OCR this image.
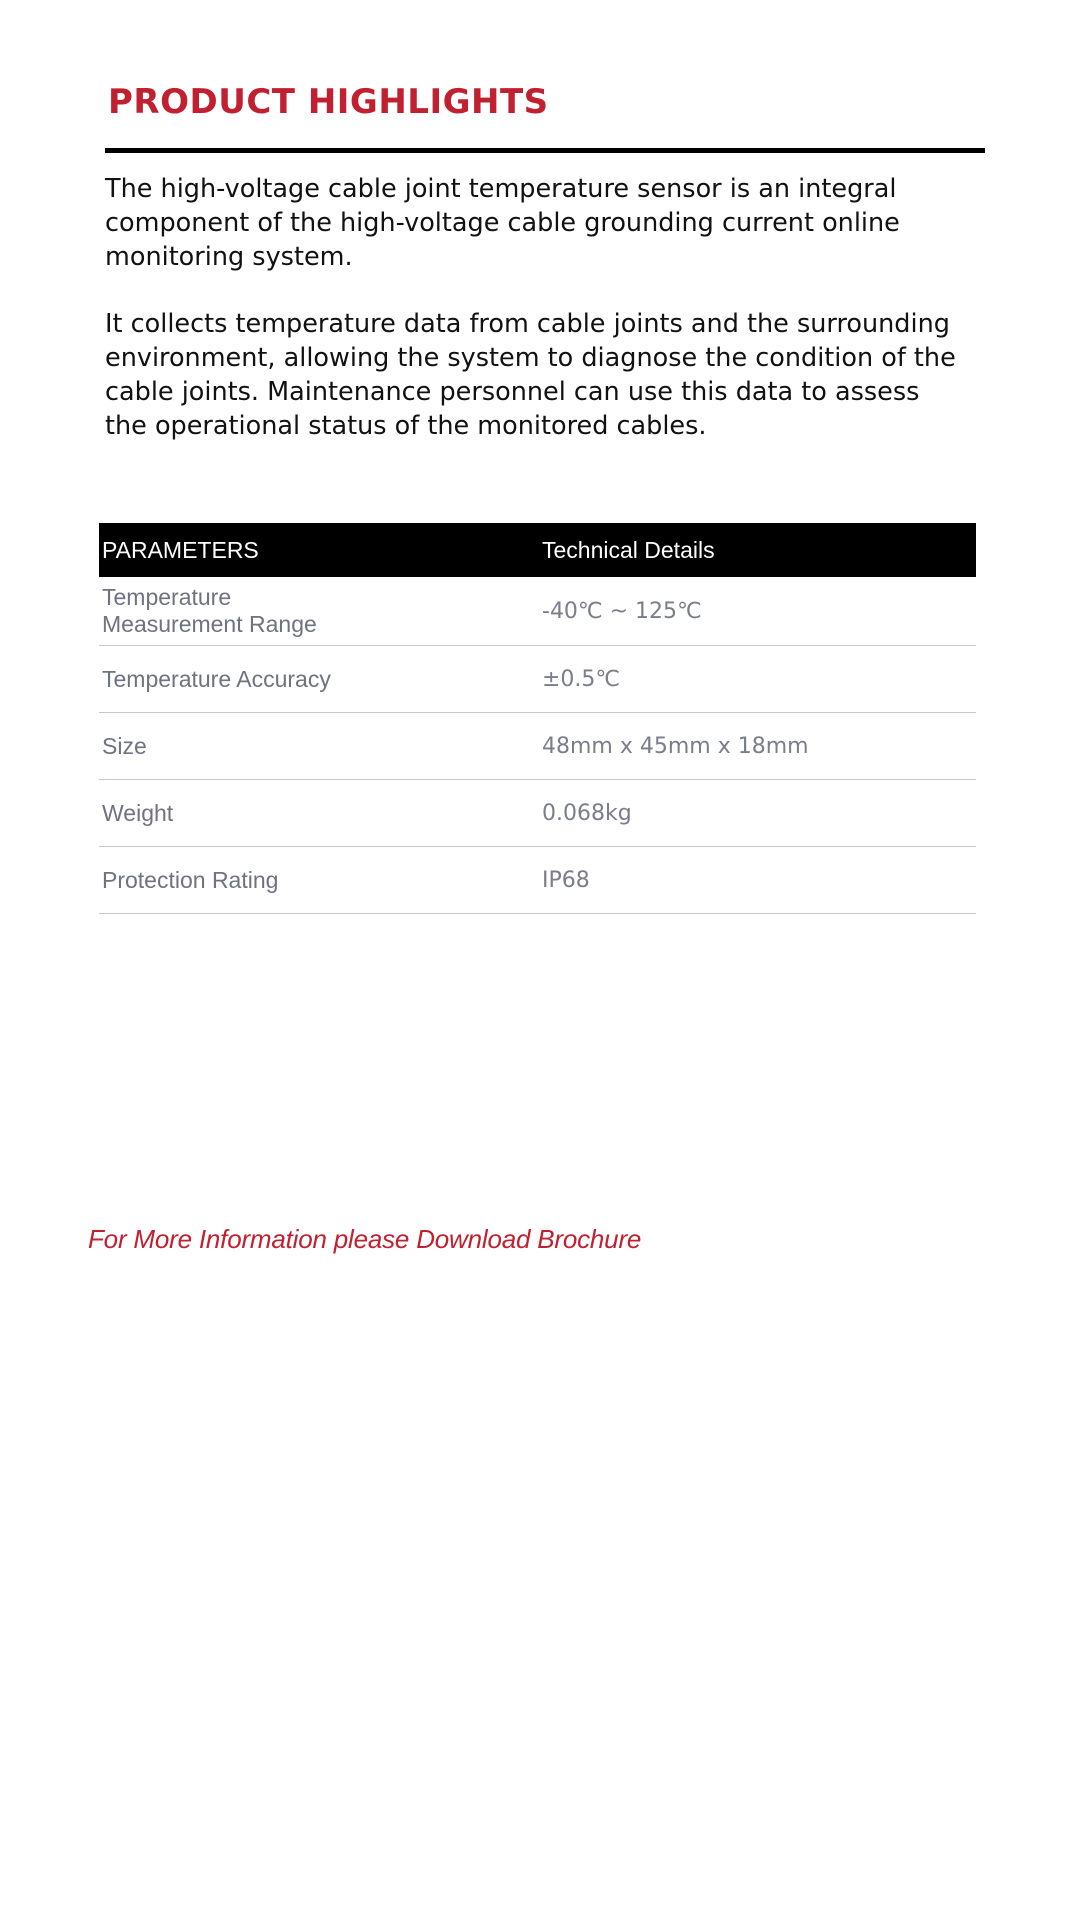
PRODUCT HIGHLIGHTS

The high-voltage cable joint temperature sensor is an integral
component of the high-voltage cable grounding current online
monitoring system.

It collects temperature data from cable joints and the surrounding
environment, allowing the system to diagnose the condition of the
cable joints. Maintenance personnel can use this data to assess
the operational status of the monitored cables.

PARAMETERS	Technical Details

Temperature
Measurement Range	-40℃ ~ 125℃

Temperature Accuracy	±0.5℃

Size	48mm x 45mm x 18mm

Weight	0.068kg

Protection Rating	IP68
For More Information please Download Brochure
